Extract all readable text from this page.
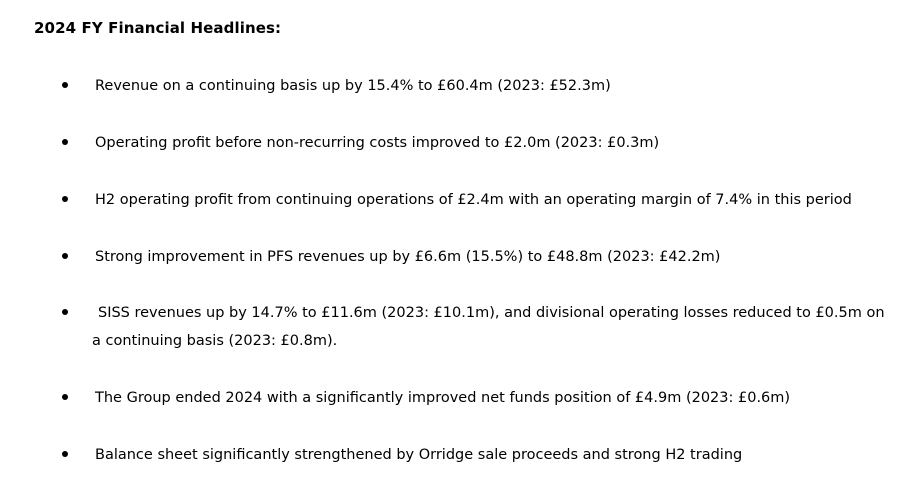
2024 FY Financial Headlines:
Revenue on a continuing basis up by 15.4% to £60.4m (2023: £52.3m)
Operating profit before non-recurring costs improved to £2.0m (2023: £0.3m)
H2 operating profit from continuing operations of £2.4m with an operating margin of 7.4% in this period
Strong improvement in PFS revenues up by £6.6m (15.5%) to £48.8m (2023: £42.2m)
SISS revenues up by 14.7% to £11.6m (2023: £10.1m), and divisional operating losses reduced to £0.5m on a continuing basis (2023: £0.8m).
The Group ended 2024 with a significantly improved net funds position of £4.9m (2023: £0.6m)
Balance sheet significantly strengthened by Orridge sale proceeds and strong H2 trading
